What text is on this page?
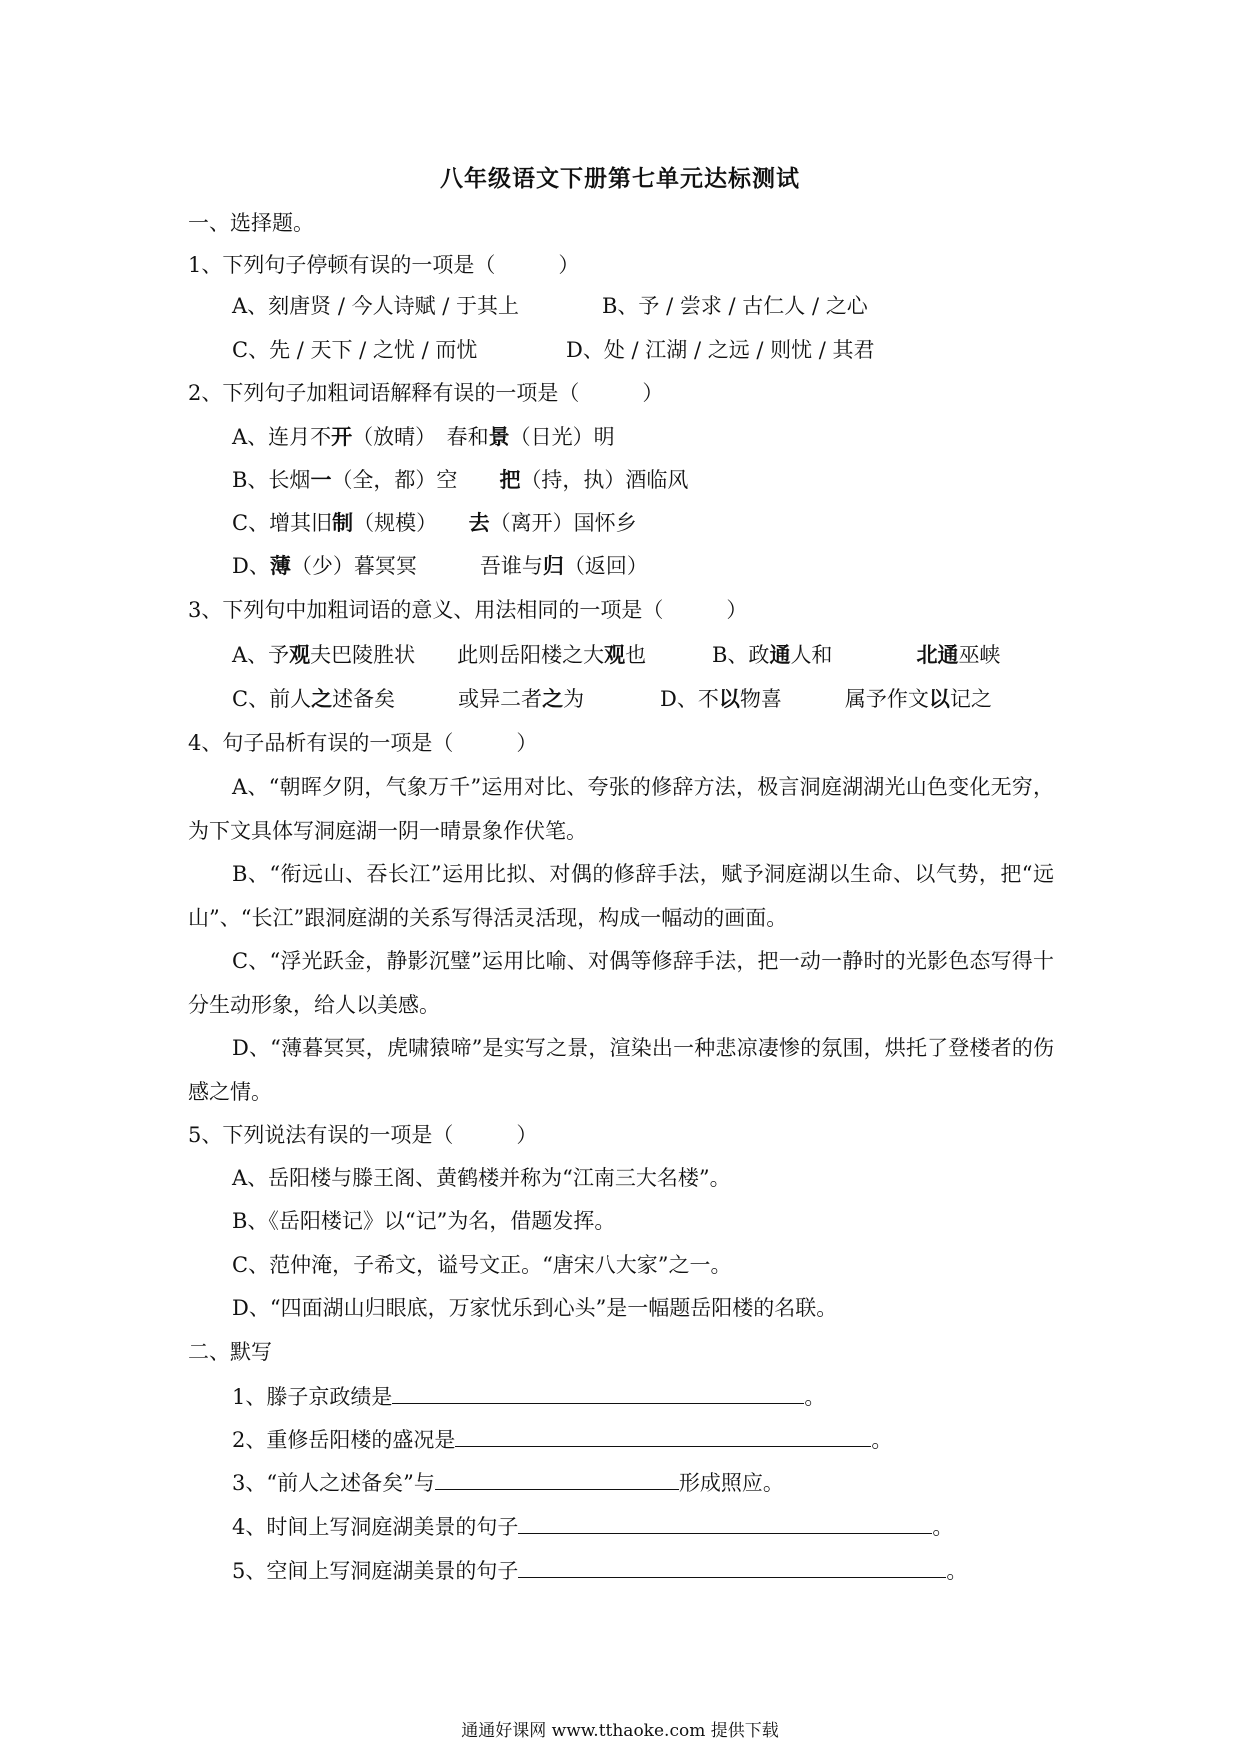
八年级语文下册第七单元达标测试
一、选择题。
1、下列句子停顿有误的一项是（　　　）
A、刻唐贤 / 今人诗赋 / 于其上	B、予 / 尝求 / 古仁人 / 之心
C、先 / 天下 / 之忧 / 而忧	D、处 / 江湖 / 之远 / 则忧 / 其君
2、下列句子加粗词语解释有误的一项是（　　　）
A、连月不开（放晴）　春和景（日光）明
B、长烟一（全，都）空　　把（持，执）酒临风
C、增其旧制（规模）　　去（离开）国怀乡
D、薄（少）暮冥冥　　　吾谁与归（返回）
3、下列句中加粗词语的意义、用法相同的一项是（　　　）
A、予观夫巴陵胜状　　此则岳阳楼之大观也	B、政通人和　　　　北通巫峡
C、前人之述备矣　　　或异二者之为	D、不以物喜　　　属予作文以记之
4、句子品析有误的一项是（　　　）
A、“朝晖夕阴，气象万千”运用对比、夸张的修辞方法，极言洞庭湖湖光山色变化无穷，为下文具体写洞庭湖一阴一晴景象作伏笔。
B、“衔远山、吞长江”运用比拟、对偶的修辞手法，赋予洞庭湖以生命、以气势，把“远山”、“长江”跟洞庭湖的关系写得活灵活现，构成一幅动的画面。
C、“浮光跃金，静影沉璧”运用比喻、对偶等修辞手法，把一动一静时的光影色态写得十分生动形象，给人以美感。
D、“薄暮冥冥，虎啸猿啼”是实写之景，渲染出一种悲凉凄惨的氛围，烘托了登楼者的伤感之情。
5、下列说法有误的一项是（　　　）
A、岳阳楼与滕王阁、黄鹤楼并称为“江南三大名楼”。
B、《岳阳楼记》以“记”为名，借题发挥。
C、范仲淹，子希文，谥号文正。“唐宋八大家”之一。
D、“四面湖山归眼底，万家忧乐到心头”是一幅题岳阳楼的名联。
二、默写
1、滕子京政绩是	。
2、重修岳阳楼的盛况是	。
3、“前人之述备矣”与	形成照应。
4、时间上写洞庭湖美景的句子	。
5、空间上写洞庭湖美景的句子	。
通通好课网 www.tthaoke.com 提供下载
